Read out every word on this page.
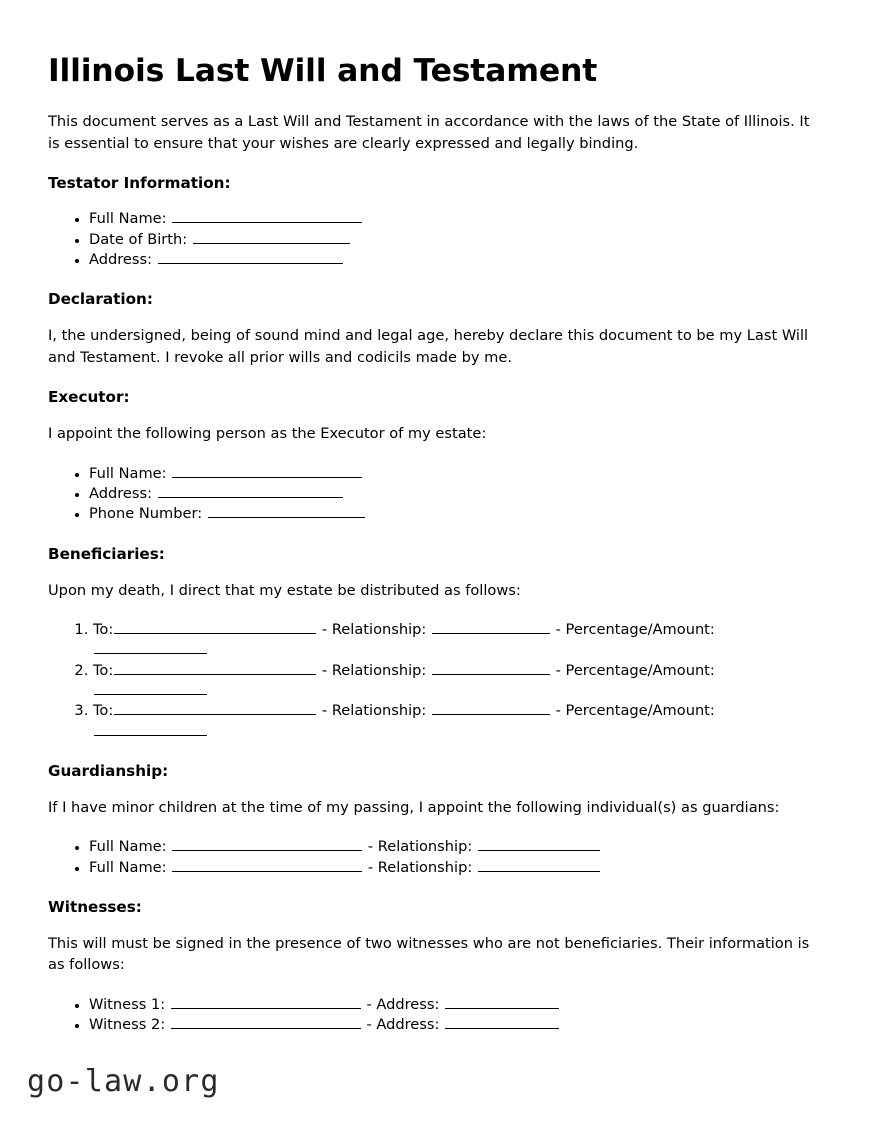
Illinois Last Will and Testament

This document serves as a Last Will and Testament in accordance with the laws of the State of Illinois. It is essential to ensure that your wishes are clearly expressed and legally binding.

Testator Information:
• Full Name:
• Date of Birth:
• Address:
Declaration:

I, the undersigned, being of sound mind and legal age, hereby declare this document to be my Last Will and Testament. I revoke all prior wills and codicils made by me.

Executor:

I appoint the following person as the Executor of my estate:

• Full Name:
• Address:
• Phone Number:
Beneficiaries:

Upon my death, I direct that my estate be distributed as follows:

1. To:	- Relationship:	- Percentage/Amount:
2. To:	- Relationship:	- Percentage/Amount:
3. To:	- Relationship:	- Percentage/Amount:
Guardianship:

If I have minor children at the time of my passing, I appoint the following individual(s) as guardians:

• Full Name:	- Relationship:
• Full Name:	- Relationship:
Witnesses:

This will must be signed in the presence of two witnesses who are not beneficiaries. Their information is as follows:

• Witness 1:	- Address:
• Witness 2:	- Address:
go-law.org
